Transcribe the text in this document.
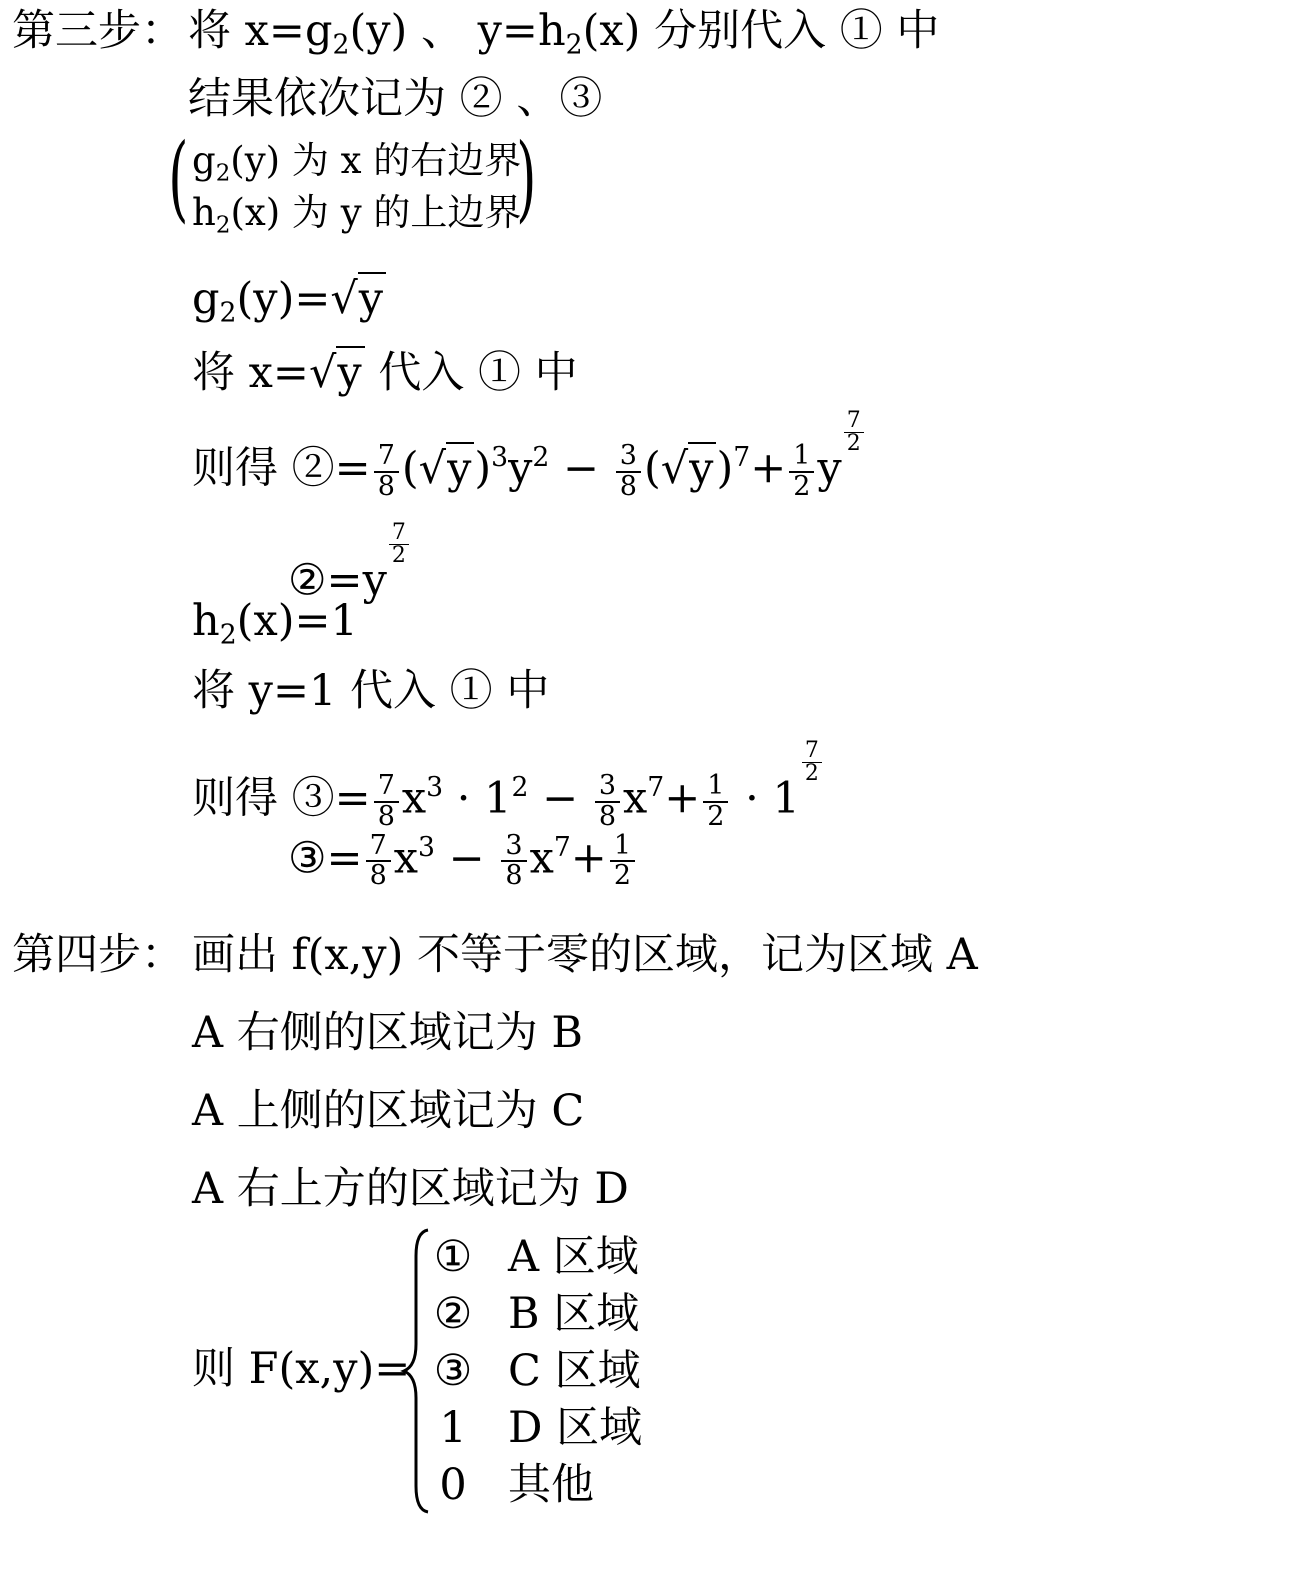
第三步： 将 $x=g_2(y)$ 、 $y=h_2(x)$ 分别代入 ① 中
结果依次记为 ② 、③
( $g_2(y)$ 为 x 的右边界
$h_2(x)$ 为 y 的上边界
)
$g_2(y)=√y$
将 x=√y 代入 ① 中
则得 ②= $\frac{7}{8} (√y)^3y^2 - \frac{3}{8} (√y)^7+ \frac{1}{2}$ y
$\frac{7}{2}$
②=y
$\frac{7}{2}$
$h_2(x)=1$
将 y=1 代入 ① 中
则得 ③= $\frac{7}{8} x^3 \cdot 1^2 - \frac{3}{8} x^7+ \frac{1}{2} \cdot 1$
$\frac{7}{2}$
③= $\frac{7}{8} x^3 - \frac{3}{8} x^7+ \frac{1}{2}$
第四步： 画出 f(x,y) 不等于零的区域，记为区域 A
A 右侧的区域记为 B
A 上侧的区域记为 C
A 右上方的区域记为 D
则 F(x,y)=
① A 区域
② B 区域
③ C 区域
1 D 区域
0 其他
